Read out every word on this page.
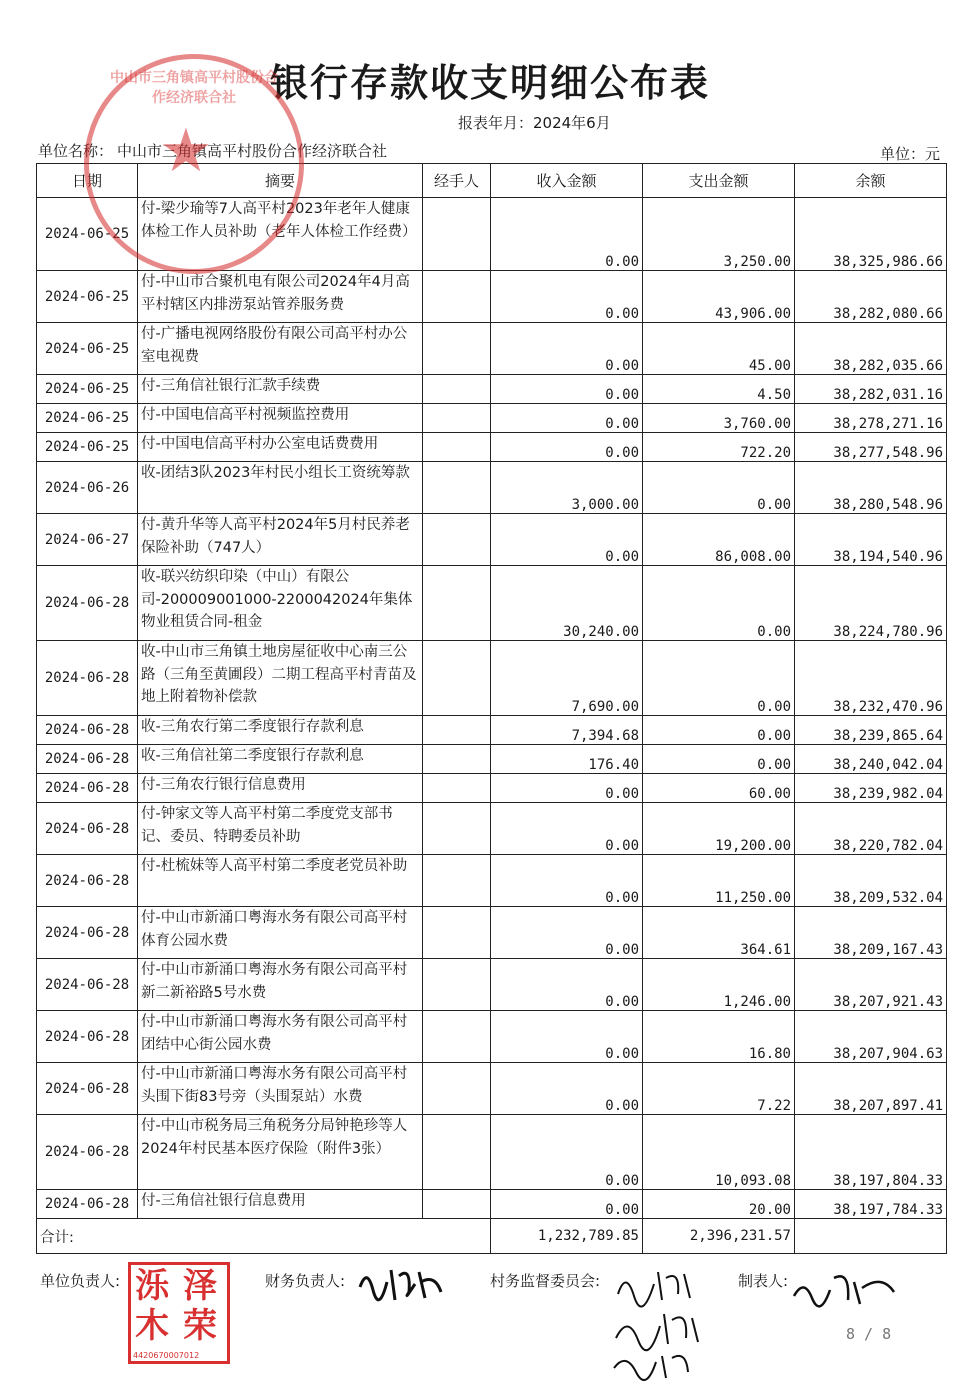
银行存款收支明细公布表
报表年月：2024年6月
单位名称： 中山市三角镇高平村股份合作经济联合社	单位：元
日期	摘要	经手人	收入金额	支出金额	余额
2024-06-25	付-梁少瑜等7人高平村2023年老年人健康体检工作人员补助（老年人体检工作经费）		0.00	3,250.00	38,325,986.66
2024-06-25	付-中山市合聚机电有限公司2024年4月高平村辖区内排涝泵站管养服务费		0.00	43,906.00	38,282,080.66
2024-06-25	付-广播电视网络股份有限公司高平村办公室电视费		0.00	45.00	38,282,035.66
2024-06-25	付-三角信社银行汇款手续费		0.00	4.50	38,282,031.16
2024-06-25	付-中国电信高平村视频监控费用		0.00	3,760.00	38,278,271.16
2024-06-25	付-中国电信高平村办公室电话费费用		0.00	722.20	38,277,548.96
2024-06-26	收-团结3队2023年村民小组长工资统筹款		3,000.00	0.00	38,280,548.96
2024-06-27	付-黄升华等人高平村2024年5月村民养老保险补助（747人）		0.00	86,008.00	38,194,540.96
2024-06-28	收-联兴纺织印染（中山）有限公司-200009001000-2200042024年集体物业租赁合同-租金		30,240.00	0.00	38,224,780.96
2024-06-28	收-中山市三角镇土地房屋征收中心南三公路（三角至黄圃段）二期工程高平村青苗及地上附着物补偿款		7,690.00	0.00	38,232,470.96
2024-06-28	收-三角农行第二季度银行存款利息		7,394.68	0.00	38,239,865.64
2024-06-28	收-三角信社第二季度银行存款利息		176.40	0.00	38,240,042.04
2024-06-28	付-三角农行银行信息费用		0.00	60.00	38,239,982.04
2024-06-28	付-钟家文等人高平村第二季度党支部书记、委员、特聘委员补助		0.00	19,200.00	38,220,782.04
2024-06-28	付-杜梳妹等人高平村第二季度老党员补助		0.00	11,250.00	38,209,532.04
2024-06-28	付-中山市新涌口粤海水务有限公司高平村体育公园水费		0.00	364.61	38,209,167.43
2024-06-28	付-中山市新涌口粤海水务有限公司高平村新二新裕路5号水费		0.00	1,246.00	38,207,921.43
2024-06-28	付-中山市新涌口粤海水务有限公司高平村团结中心街公园水费		0.00	16.80	38,207,904.63
2024-06-28	付-中山市新涌口粤海水务有限公司高平村头围下街83号旁（头围泵站）水费		0.00	7.22	38,207,897.41
2024-06-28	付-中山市税务局三角税务分局钟艳珍等人2024年村民基本医疗保险（附件3张）		0.00	10,093.08	38,197,804.33
2024-06-28	付-三角信社银行信息费用		0.00	20.00	38,197,784.33
合计:			1,232,789.85	2,396,231.57	
中山市三角镇高平村股份合作经济联合社
★
单位负责人:	财务负责人:	村务监督委员会:	制表人:
泺 泽
木 荣
4420670007012
8 / 8
